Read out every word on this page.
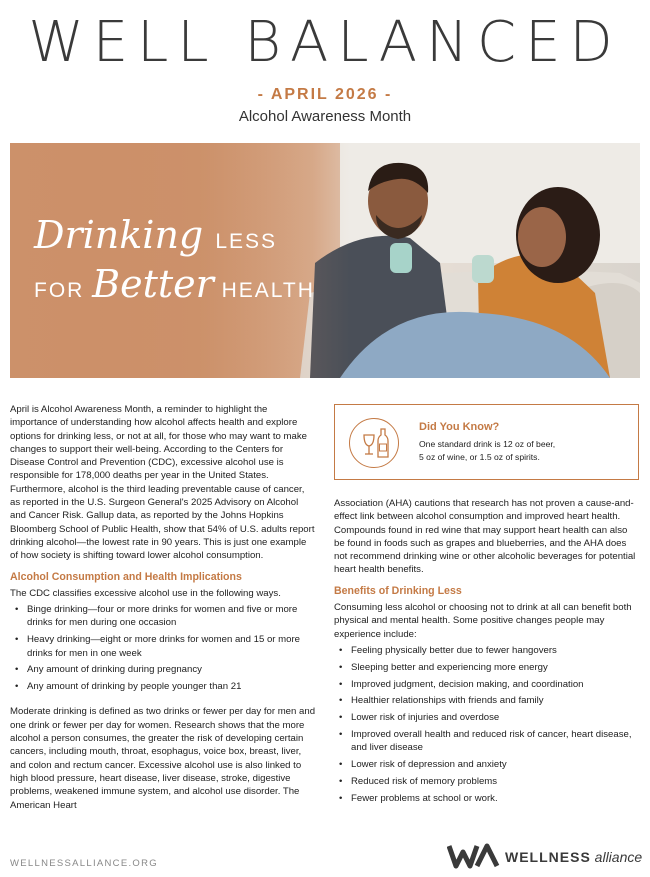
WELL BALANCED
- APRIL 2026 -
Alcohol Awareness Month
Drinking LESS
FOR Better HEALTH

April is Alcohol Awareness Month, a reminder to highlight the importance of understanding how alcohol affects health and explore options for drinking less, or not at all, for those who may want to make changes to support their well-being. According to the Centers for Disease Control and Prevention (CDC), excessive alcohol use is responsible for 178,000 deaths per year in the United States. Furthermore, alcohol is the third leading preventable cause of cancer, as reported in the U.S. Surgeon General's 2025 Advisory on Alcohol and Cancer Risk. Gallup data, as reported by the Johns Hopkins Bloomberg School of Public Health, show that 54% of U.S. adults report drinking alcohol—the lowest rate in 90 years. This is just one example of how society is shifting toward lower alcohol consumption.

Alcohol Consumption and Health Implications

The CDC classifies excessive alcohol use in the following ways.

• Binge drinking—four or more drinks for women and five or more drinks for men during one occasion
• Heavy drinking—eight or more drinks for women and 15 or more drinks for men in one week
• Any amount of drinking during pregnancy
• Any amount of drinking by people younger than 21

Moderate drinking is defined as two drinks or fewer per day for men and one drink or fewer per day for women. Research shows that the more alcohol a person consumes, the greater the risk of developing certain cancers, including mouth, throat, esophagus, voice box, breast, liver, and colon and rectum cancer. Excessive alcohol use is also linked to high blood pressure, heart disease, liver disease, stroke, digestive problems, weakened immune system, and alcohol use disorder. The American Heart

Did You Know?
One standard drink is 12 oz of beer,
5 oz of wine, or 1.5 oz of spirits.

Association (AHA) cautions that research has not proven a cause-and-effect link between alcohol consumption and improved heart health. Compounds found in red wine that may support heart health can also be found in foods such as grapes and blueberries, and the AHA does not recommend drinking wine or other alcoholic beverages for potential heart health benefits.

Benefits of Drinking Less

Consuming less alcohol or choosing not to drink at all can benefit both physical and mental health. Some positive changes people may experience include:

• Feeling physically better due to fewer hangovers
• Sleeping better and experiencing more energy
• Improved judgment, decision making, and coordination
• Healthier relationships with friends and family
• Lower risk of injuries and overdose
• Improved overall health and reduced risk of cancer, heart disease, and liver disease
• Lower risk of depression and anxiety
• Reduced risk of memory problems
• Fewer problems at school or work.
WELLNESSALLIANCE.ORG	WELLNESS alliance
